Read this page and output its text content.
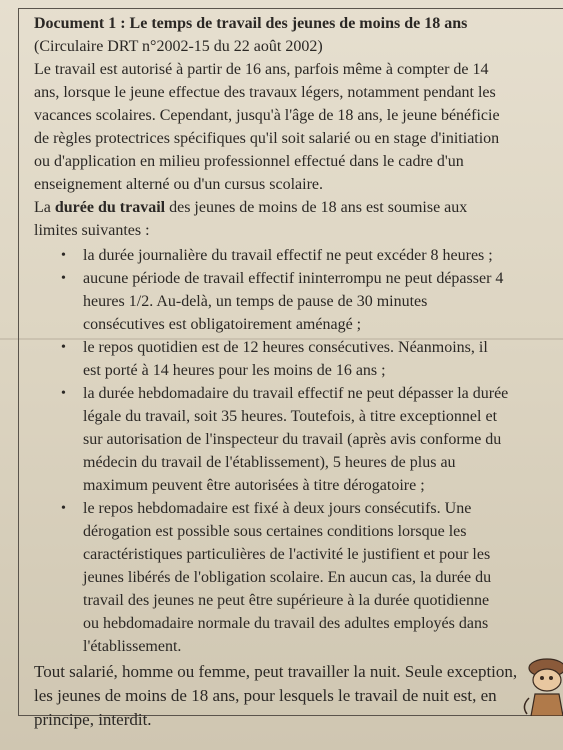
Document 1 : Le temps de travail des jeunes de moins de 18 ans

(Circulaire DRT n°2002-15 du 22 août 2002)

Le travail est autorisé à partir de 16 ans, parfois même à compter de 14

ans, lorsque le jeune effectue des travaux légers, notamment pendant les

vacances scolaires. Cependant, jusqu'à l'âge de 18 ans, le jeune bénéficie

de règles protectrices spécifiques qu'il soit salarié ou en stage d'initiation

ou d'application en milieu professionnel effectué dans le cadre d'un

enseignement alterné ou d'un cursus scolaire.

La durée du travail des jeunes de moins de 18 ans est soumise aux

limites suivantes :

• la durée journalière du travail effectif ne peut excéder 8 heures ;

• aucune période de travail effectif ininterrompu ne peut dépasser 4

heures 1/2. Au-delà, un temps de pause de 30 minutes

consécutives est obligatoirement aménagé ;

• le repos quotidien est de 12 heures consécutives. Néanmoins, il

est porté à 14 heures pour les moins de 16 ans ;

• la durée hebdomadaire du travail effectif ne peut dépasser la durée

légale du travail, soit 35 heures. Toutefois, à titre exceptionnel et

sur autorisation de l'inspecteur du travail (après avis conforme du

médecin du travail de l'établissement), 5 heures de plus au

maximum peuvent être autorisées à titre dérogatoire ;

• le repos hebdomadaire est fixé à deux jours consécutifs. Une

dérogation est possible sous certaines conditions lorsque les

caractéristiques particulières de l'activité le justifient et pour les

jeunes libérés de l'obligation scolaire. En aucun cas, la durée du

travail des jeunes ne peut être supérieure à la durée quotidienne

ou hebdomadaire normale du travail des adultes employés dans

l'établissement.

Tout salarié, homme ou femme, peut travailler la nuit. Seule exception,

les jeunes de moins de 18 ans, pour lesquels le travail de nuit est, en

principe, interdit.
